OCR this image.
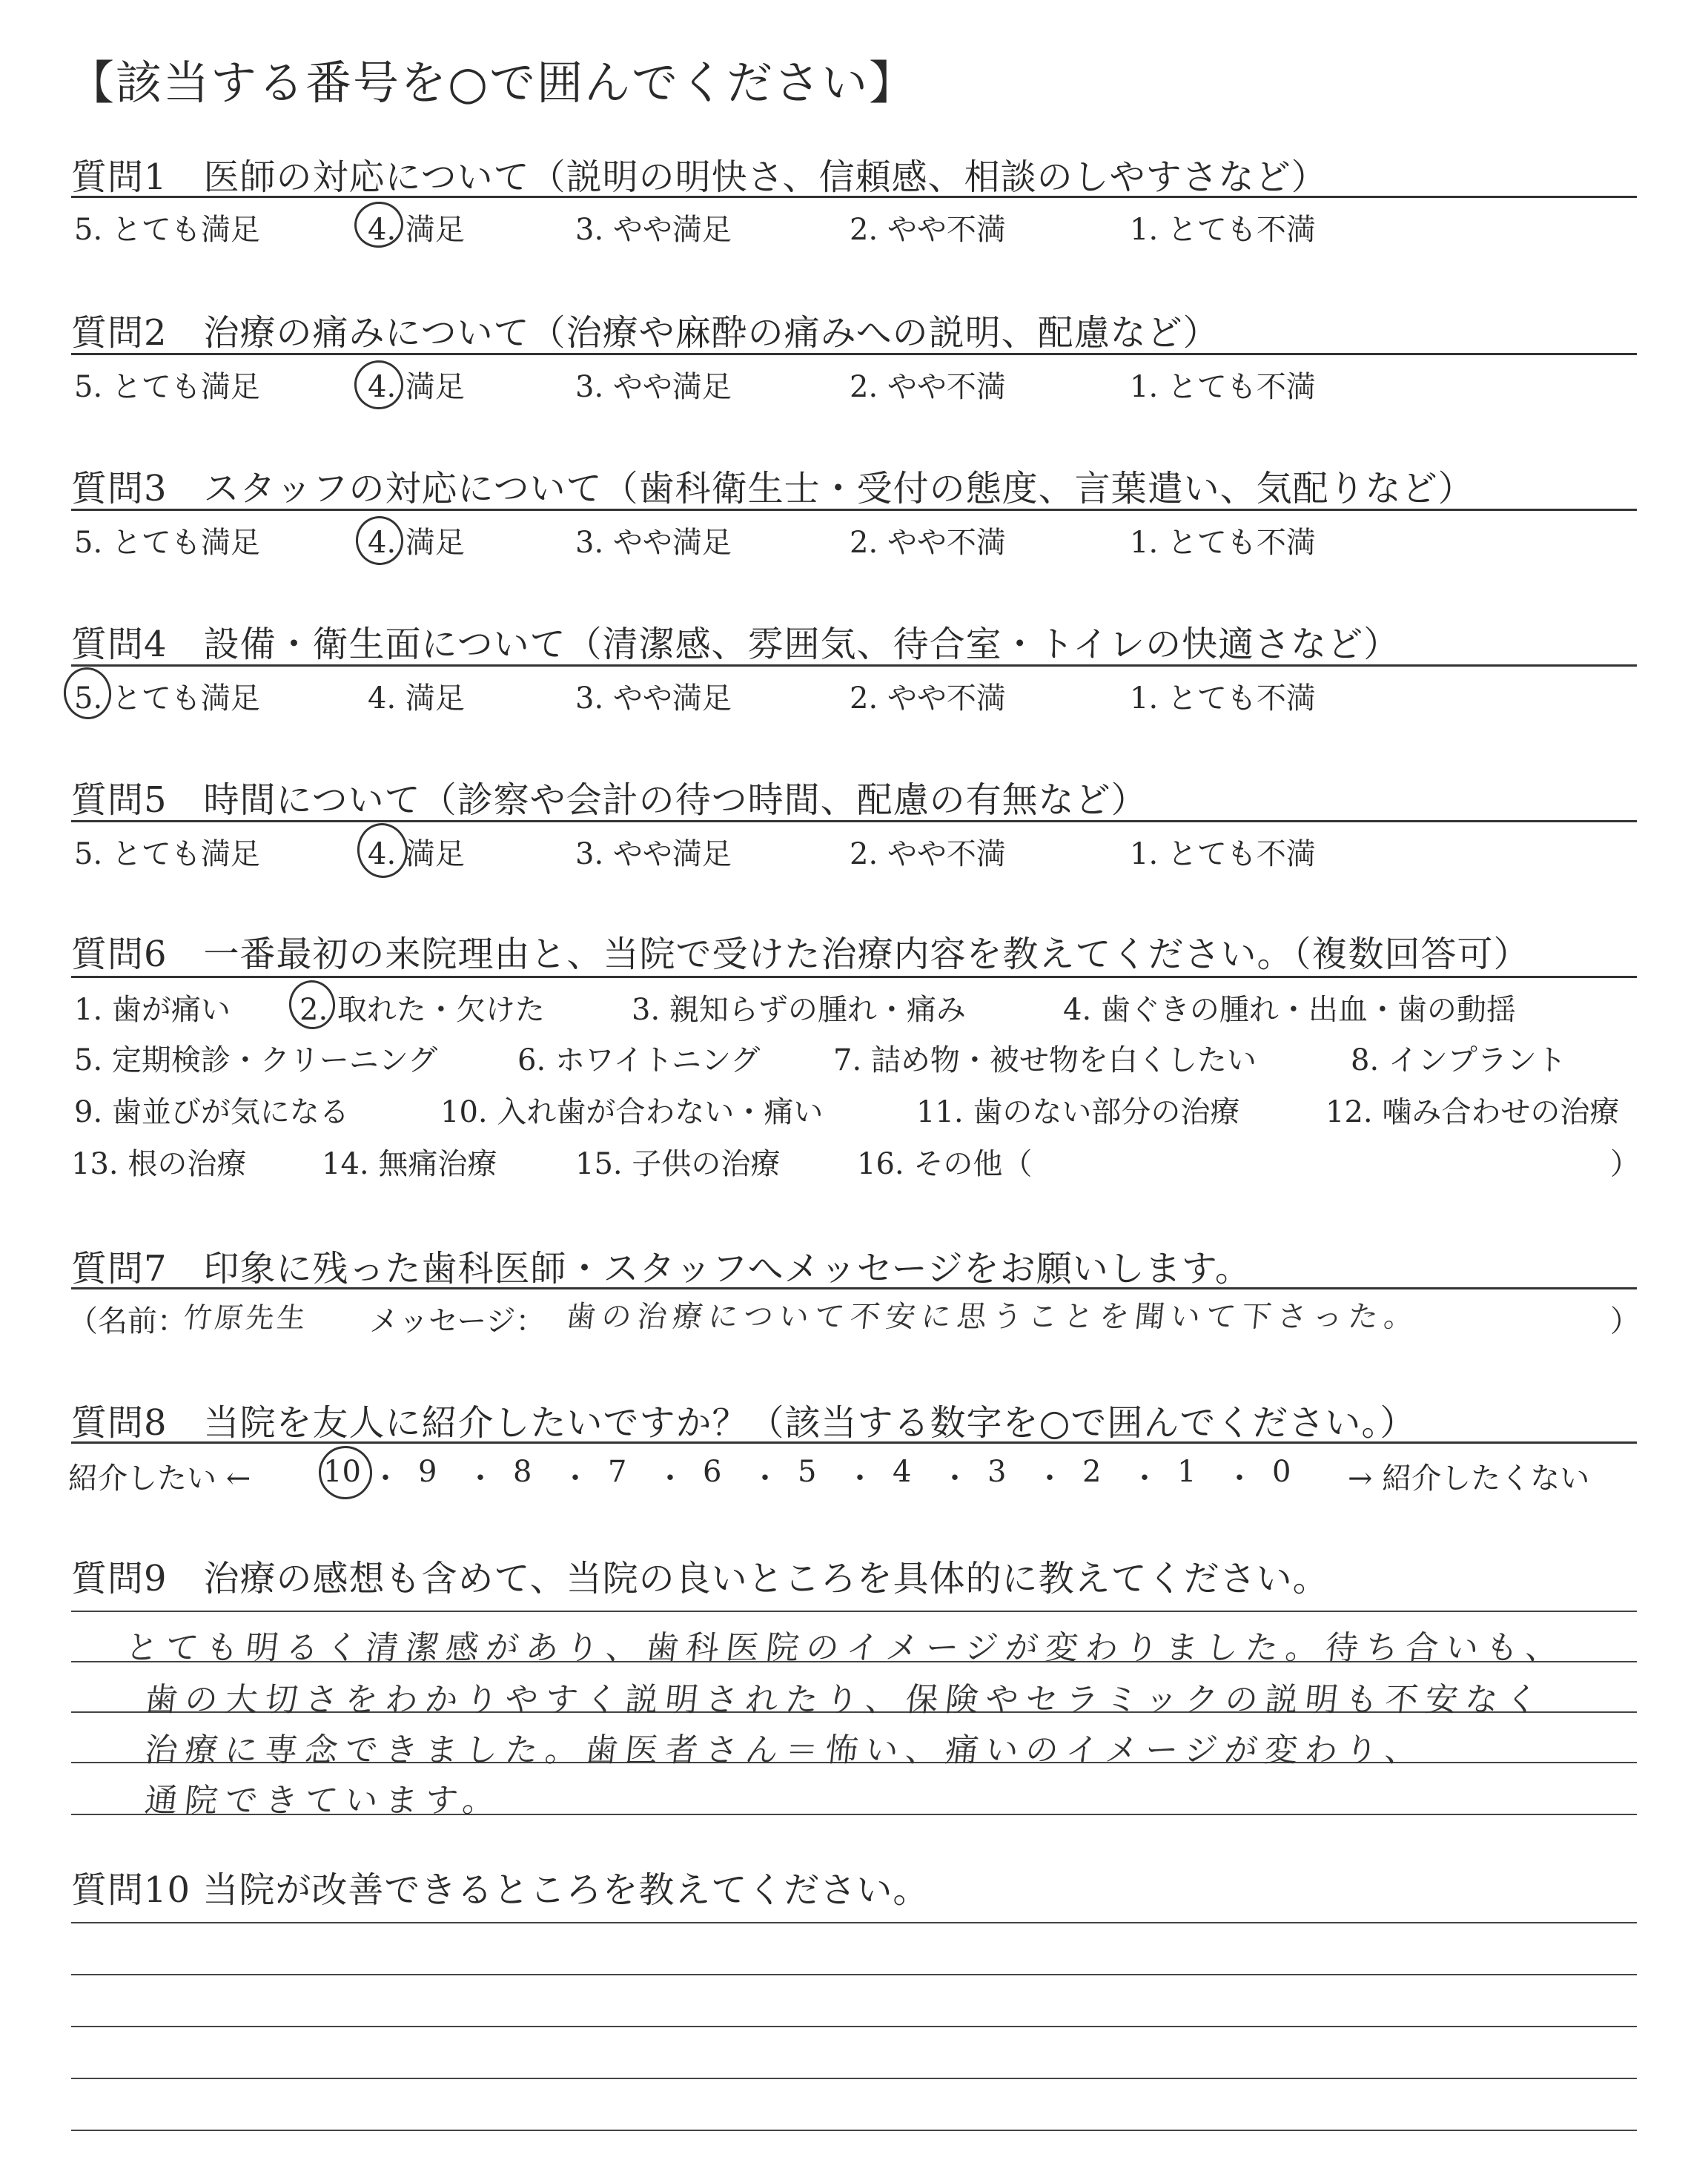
【該当する番号を○で囲んでください】
質問1　医師の対応について（説明の明快さ、信頼感、相談のしやすさなど）
5. とても満足	4. 満足	3. やや満足	2. やや不満	1. とても不満
質問2　治療の痛みについて（治療や麻酔の痛みへの説明、配慮など）
5. とても満足	4. 満足	3. やや満足	2. やや不満	1. とても不満
質問3　スタッフの対応について（歯科衛生士・受付の態度、言葉遣い、気配りなど）
5. とても満足	4. 満足	3. やや満足	2. やや不満	1. とても不満
質問4　設備・衛生面について（清潔感、雰囲気、待合室・トイレの快適さなど）
5. とても満足	4. 満足	3. やや満足	2. やや不満	1. とても不満
質問5　時間について（診察や会計の待つ時間、配慮の有無など）
5. とても満足	4. 満足	3. やや満足	2. やや不満	1. とても不満
質問6　一番最初の来院理由と、当院で受けた治療内容を教えてください。（複数回答可）
1. 歯が痛い 2. 取れた・欠けた	3. 親知らずの腫れ・痛み	4. 歯ぐきの腫れ・出血・歯の動揺
5. 定期検診・クリーニング	6. ホワイトニング 7. 詰め物・被せ物を白くしたい	8. インプラント
9. 歯並びが気になる	10. 入れ歯が合わない・痛い	11. 歯のない部分の治療	12. 噛み合わせの治療
13. 根の治療	14. 無痛治療	15. 子供の治療	16. その他（	）
質問7　印象に残った歯科医師・スタッフへメッセージをお願いします。
（名前：
竹原先生 メッセージ： 歯の治療について不安に思うことを聞いて下さった。	）
質問8　当院を友人に紹介したいですか？（該当する数字を○で囲んでください。）
紹介したい ← 10 ・ 9 ・ 8 ・ 7 ・ 6 ・ 5 ・ 4 ・ 3 ・ 2 ・ 1 ・ 0 → 紹介したくない
質問9　治療の感想も含めて、当院の良いところを具体的に教えてください。
とても明るく清潔感があり、歯科医院のイメージが変わりました。待ち合いも、
歯の大切さをわかりやすく説明されたり、保険やセラミックの説明も不安なく
治療に専念できました。歯医者さん＝怖い、痛いのイメージが変わり、
通院できています。
質問10 当院が改善できるところを教えてください。
